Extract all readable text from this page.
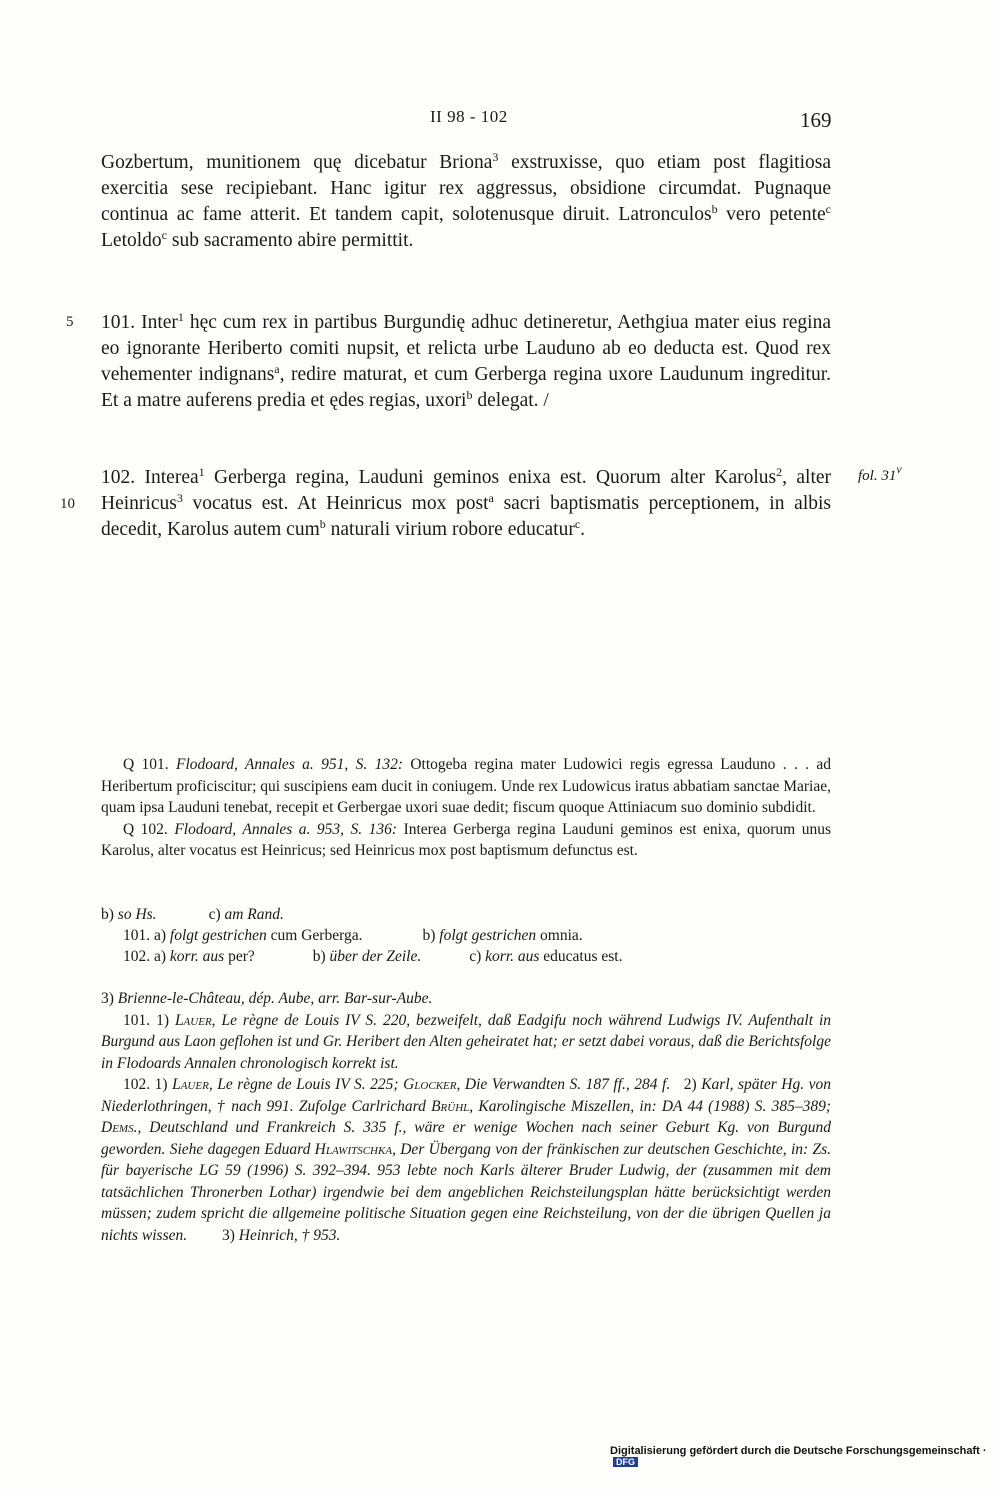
II 98 - 102	169

Gozbertum, munitionem quę dicebatur Briona$^3$ exstruxisse, quo etiam post flagitiosa exercitia sese recipiebant. Hanc igitur rex aggressus, obsidione circumdat. Pugnaque continua ac fame atterit. Et tandem capit, solotenusque diruit. Latronculos$^b$ vero petente$^c$ Letoldo$^c$ sub sacramento abire permittit.

5 101. Inter$^1$ hęc cum rex in partibus Burgundię adhuc detineretur, Aethgiua mater eius regina eo ignorante Heriberto comiti nupsit, et relicta urbe Lauduno ab eo deducta est. Quod rex vehementer indignans$^a$, redire maturat, et cum Gerberga regina uxore Laudunum ingreditur. Et a matre auferens predia et ędes regias, uxori$^b$ delegat. /

fol. 31$^v$
10

102. Interea$^1$ Gerberga regina, Lauduni geminos enixa est. Quorum alter Karolus$^2$, alter Heinricus$^3$ vocatus est. At Heinricus mox post$^a$ sacri baptismatis perceptionem, in albis decedit, Karolus autem cum$^b$ naturali virium robore educatur$^c$.

Q 101. Flodoard, Annales a. 951, S. 132: Ottogeba regina mater Ludowici regis egressa Lauduno . . . ad Heribertum proficiscitur; qui suscipiens eam ducit in coniugem. Unde rex Ludowicus iratus abbatiam sanctae Mariae, quam ipsa Lauduni tenebat, recepit et Gerbergae uxori suae dedit; fiscum quoque Attiniacum suo dominio subdidit.

Q 102. Flodoard, Annales a. 953, S. 136: Interea Gerberga regina Lauduni geminos est enixa, quorum unus Karolus, alter vocatus est Heinricus; sed Heinricus mox post baptismum defunctus est.

b) so Hs.	c) am Rand.
101. a) folgt gestrichen cum Gerberga.	b) folgt gestrichen omnia.
102. a) korr. aus per?	b) über der Zeile.	c) korr. aus educatus est.

3) Brienne-le-Château, dép. Aube, arr. Bar-sur-Aube.

101. 1) Lauer, Le règne de Louis IV S. 220, bezweifelt, daß Eadgifu noch während Ludwigs IV. Aufenthalt in Burgund aus Laon geflohen ist und Gr. Heribert den Alten geheiratet hat; er setzt dabei voraus, daß die Berichtsfolge in Flodoards Annalen chronologisch korrekt ist.

102. 1) Lauer, Le règne de Louis IV S. 225; Glocker, Die Verwandten S. 187 ff., 284 f.   2) Karl, später Hg. von Niederlothringen, † nach 991. Zufolge Carlrichard Brühl, Karolingische Miszellen, in: DA 44 (1988) S. 385–389; Dems., Deutschland und Frankreich S. 335 f., wäre er wenige Wochen nach seiner Geburt Kg. von Burgund geworden. Siehe dagegen Eduard Hlawitschka, Der Übergang von der fränkischen zur deutschen Geschichte, in: Zs. für bayerische LG 59 (1996) S. 392–394. 953 lebte noch Karls älterer Bruder Ludwig, der (zusammen mit dem tatsächlichen Thronerben Lothar) irgendwie bei dem angeblichen Reichsteilungsplan hätte berücksichtigt werden müssen; zudem spricht die allgemeine politische Situation gegen eine Reichsteilung, von der die übrigen Quellen ja nichts wissen.         3) Heinrich, † 953.

Digitalisierung gefördert durch die Deutsche Forschungsgemeinschaft ·DFG
